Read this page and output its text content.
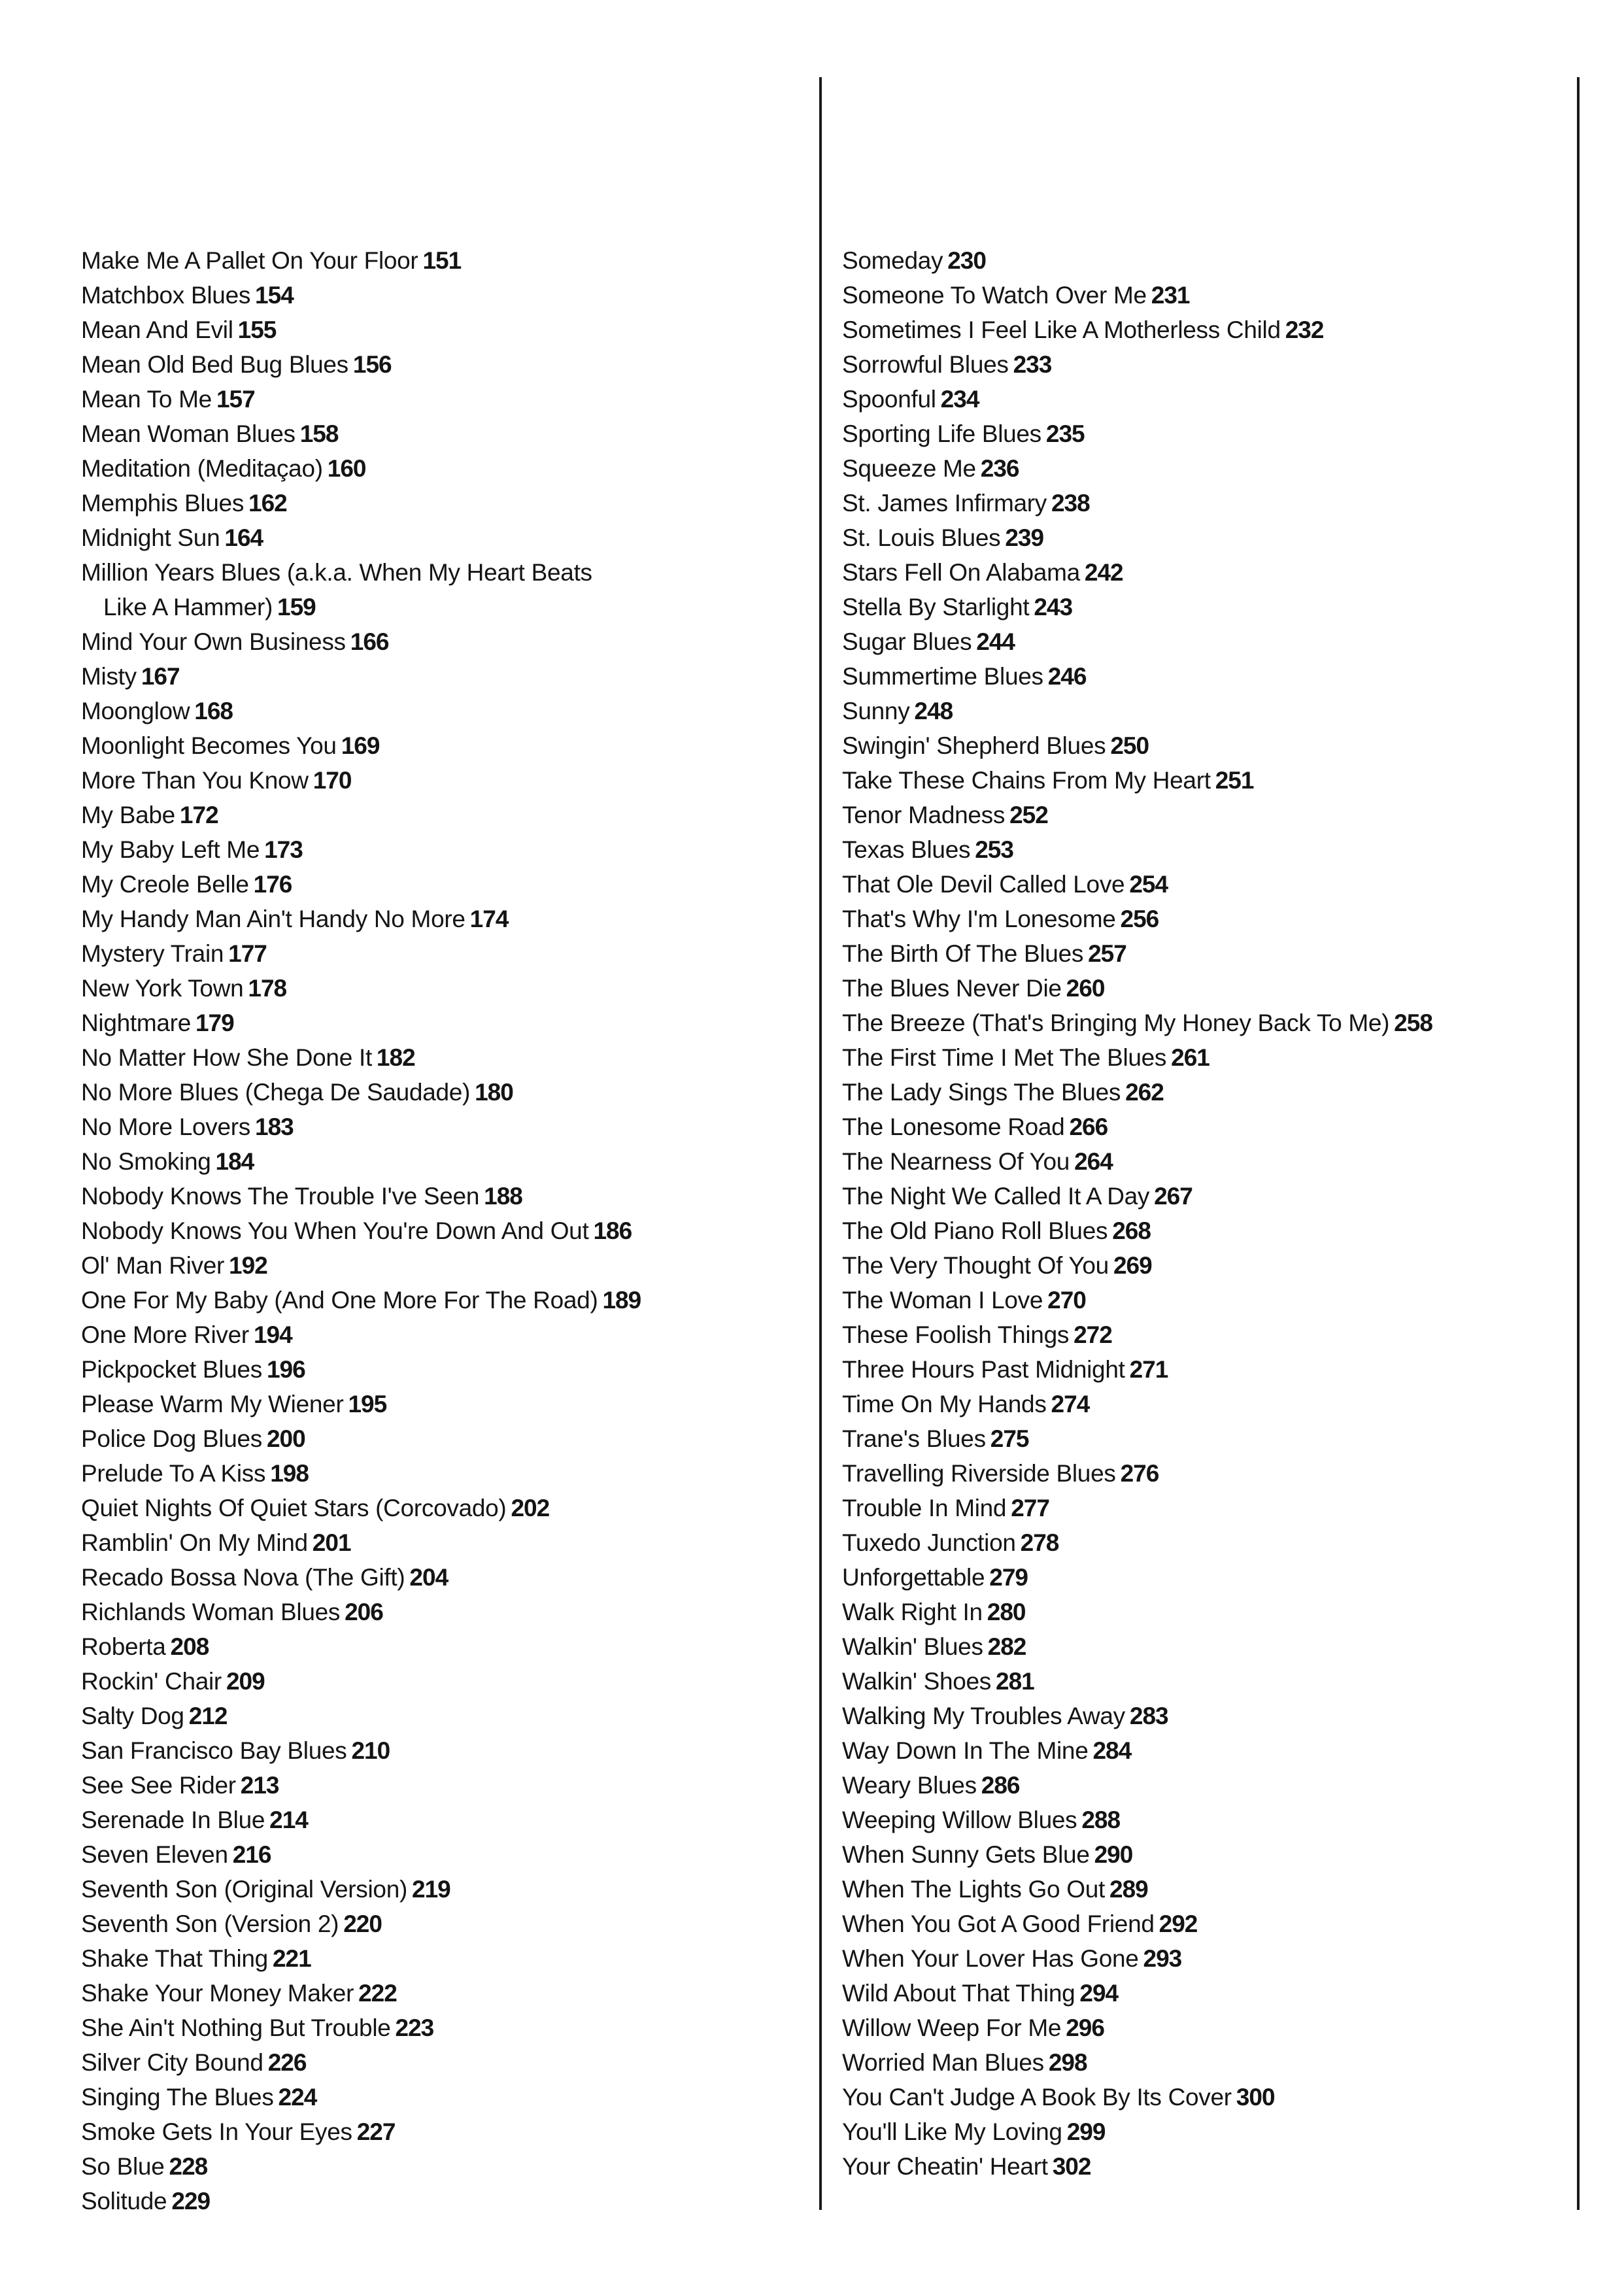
Make Me A Pallet On Your Floor 151
Matchbox Blues 154
Mean And Evil 155
Mean Old Bed Bug Blues 156
Mean To Me 157
Mean Woman Blues 158
Meditation (Meditaçao) 160
Memphis Blues 162
Midnight Sun 164
Million Years Blues (a.k.a. When My Heart Beats
Like A Hammer) 159
Mind Your Own Business 166
Misty 167
Moonglow 168
Moonlight Becomes You 169
More Than You Know 170
My Babe 172
My Baby Left Me 173
My Creole Belle 176
My Handy Man Ain't Handy No More 174
Mystery Train 177
New York Town 178
Nightmare 179
No Matter How She Done It 182
No More Blues (Chega De Saudade) 180
No More Lovers 183
No Smoking 184
Nobody Knows The Trouble I've Seen 188
Nobody Knows You When You're Down And Out 186
Ol' Man River 192
One For My Baby (And One More For The Road) 189
One More River 194
Pickpocket Blues 196
Please Warm My Wiener 195
Police Dog Blues 200
Prelude To A Kiss 198
Quiet Nights Of Quiet Stars (Corcovado) 202
Ramblin' On My Mind 201
Recado Bossa Nova (The Gift) 204
Richlands Woman Blues 206
Roberta 208
Rockin' Chair 209
Salty Dog 212
San Francisco Bay Blues 210
See See Rider 213
Serenade In Blue 214
Seven Eleven 216
Seventh Son (Original Version) 219
Seventh Son (Version 2) 220
Shake That Thing 221
Shake Your Money Maker 222
She Ain't Nothing But Trouble 223
Silver City Bound 226
Singing The Blues 224
Smoke Gets In Your Eyes 227
So Blue 228
Solitude 229
Someday 230
Someone To Watch Over Me 231
Sometimes I Feel Like A Motherless Child 232
Sorrowful Blues 233
Spoonful 234
Sporting Life Blues 235
Squeeze Me 236
St. James Infirmary 238
St. Louis Blues 239
Stars Fell On Alabama 242
Stella By Starlight 243
Sugar Blues 244
Summertime Blues 246
Sunny 248
Swingin' Shepherd Blues 250
Take These Chains From My Heart 251
Tenor Madness 252
Texas Blues 253
That Ole Devil Called Love 254
That's Why I'm Lonesome 256
The Birth Of The Blues 257
The Blues Never Die 260
The Breeze (That's Bringing My Honey Back To Me) 258
The First Time I Met The Blues 261
The Lady Sings The Blues 262
The Lonesome Road 266
The Nearness Of You 264
The Night We Called It A Day 267
The Old Piano Roll Blues 268
The Very Thought Of You 269
The Woman I Love 270
These Foolish Things 272
Three Hours Past Midnight 271
Time On My Hands 274
Trane's Blues 275
Travelling Riverside Blues 276
Trouble In Mind 277
Tuxedo Junction 278
Unforgettable 279
Walk Right In 280
Walkin' Blues 282
Walkin' Shoes 281
Walking My Troubles Away 283
Way Down In The Mine 284
Weary Blues 286
Weeping Willow Blues 288
When Sunny Gets Blue 290
When The Lights Go Out 289
When You Got A Good Friend 292
When Your Lover Has Gone 293
Wild About That Thing 294
Willow Weep For Me 296
Worried Man Blues 298
You Can't Judge A Book By Its Cover 300
You'll Like My Loving 299
Your Cheatin' Heart 302
